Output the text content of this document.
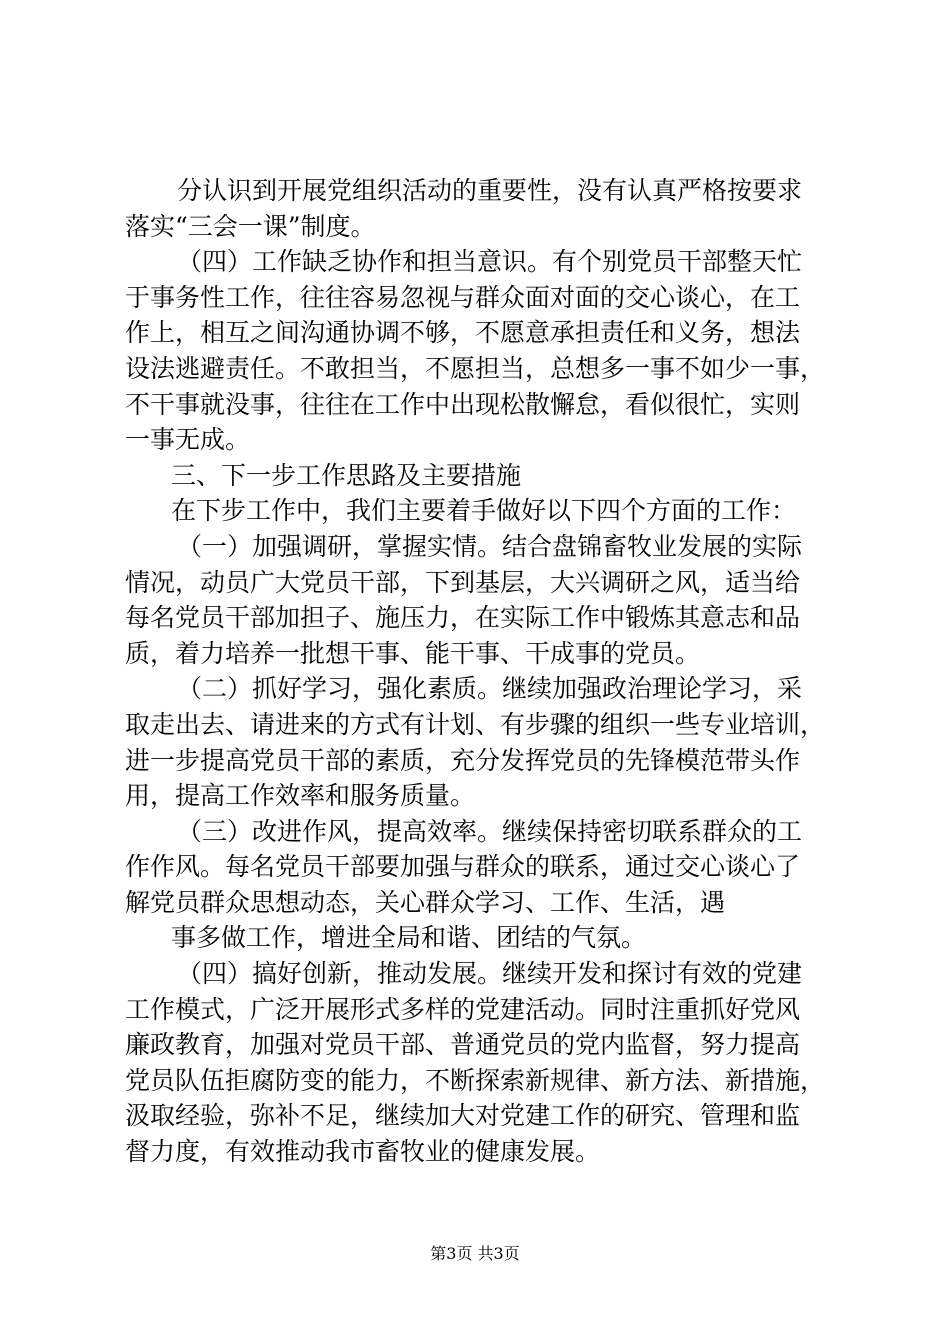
分认识到开展党组织活动的重要性，没有认真严格按要求
落实“三会一课”制度。
（四）工作缺乏协作和担当意识。有个别党员干部整天忙
于事务性工作，往往容易忽视与群众面对面的交心谈心，在工
作上，相互之间沟通协调不够，不愿意承担责任和义务，想法
设法逃避责任。不敢担当，不愿担当，总想多一事不如少一事，
不干事就没事，往往在工作中出现松散懈怠，看似很忙，实则
一事无成。
三、下一步工作思路及主要措施
在下步工作中，我们主要着手做好以下四个方面的工作：
（一）加强调研，掌握实情。结合盘锦畜牧业发展的实际
情况，动员广大党员干部，下到基层，大兴调研之风，适当给
每名党员干部加担子、施压力，在实际工作中锻炼其意志和品
质，着力培养一批想干事、能干事、干成事的党员。
（二）抓好学习，强化素质。继续加强政治理论学习，采
取走出去、请进来的方式有计划、有步骤的组织一些专业培训，
进一步提高党员干部的素质，充分发挥党员的先锋模范带头作
用，提高工作效率和服务质量。
（三）改进作风，提高效率。继续保持密切联系群众的工
作作风。每名党员干部要加强与群众的联系，通过交心谈心了
解党员群众思想动态，关心群众学习、工作、生活，遇
事多做工作，增进全局和谐、团结的气氛。
（四）搞好创新，推动发展。继续开发和探讨有效的党建
工作模式，广泛开展形式多样的党建活动。同时注重抓好党风
廉政教育，加强对党员干部、普通党员的党内监督，努力提高
党员队伍拒腐防变的能力，不断探索新规律、新方法、新措施，
汲取经验，弥补不足，继续加大对党建工作的研究、管理和监
督力度，有效推动我市畜牧业的健康发展。
第3页 共3页
